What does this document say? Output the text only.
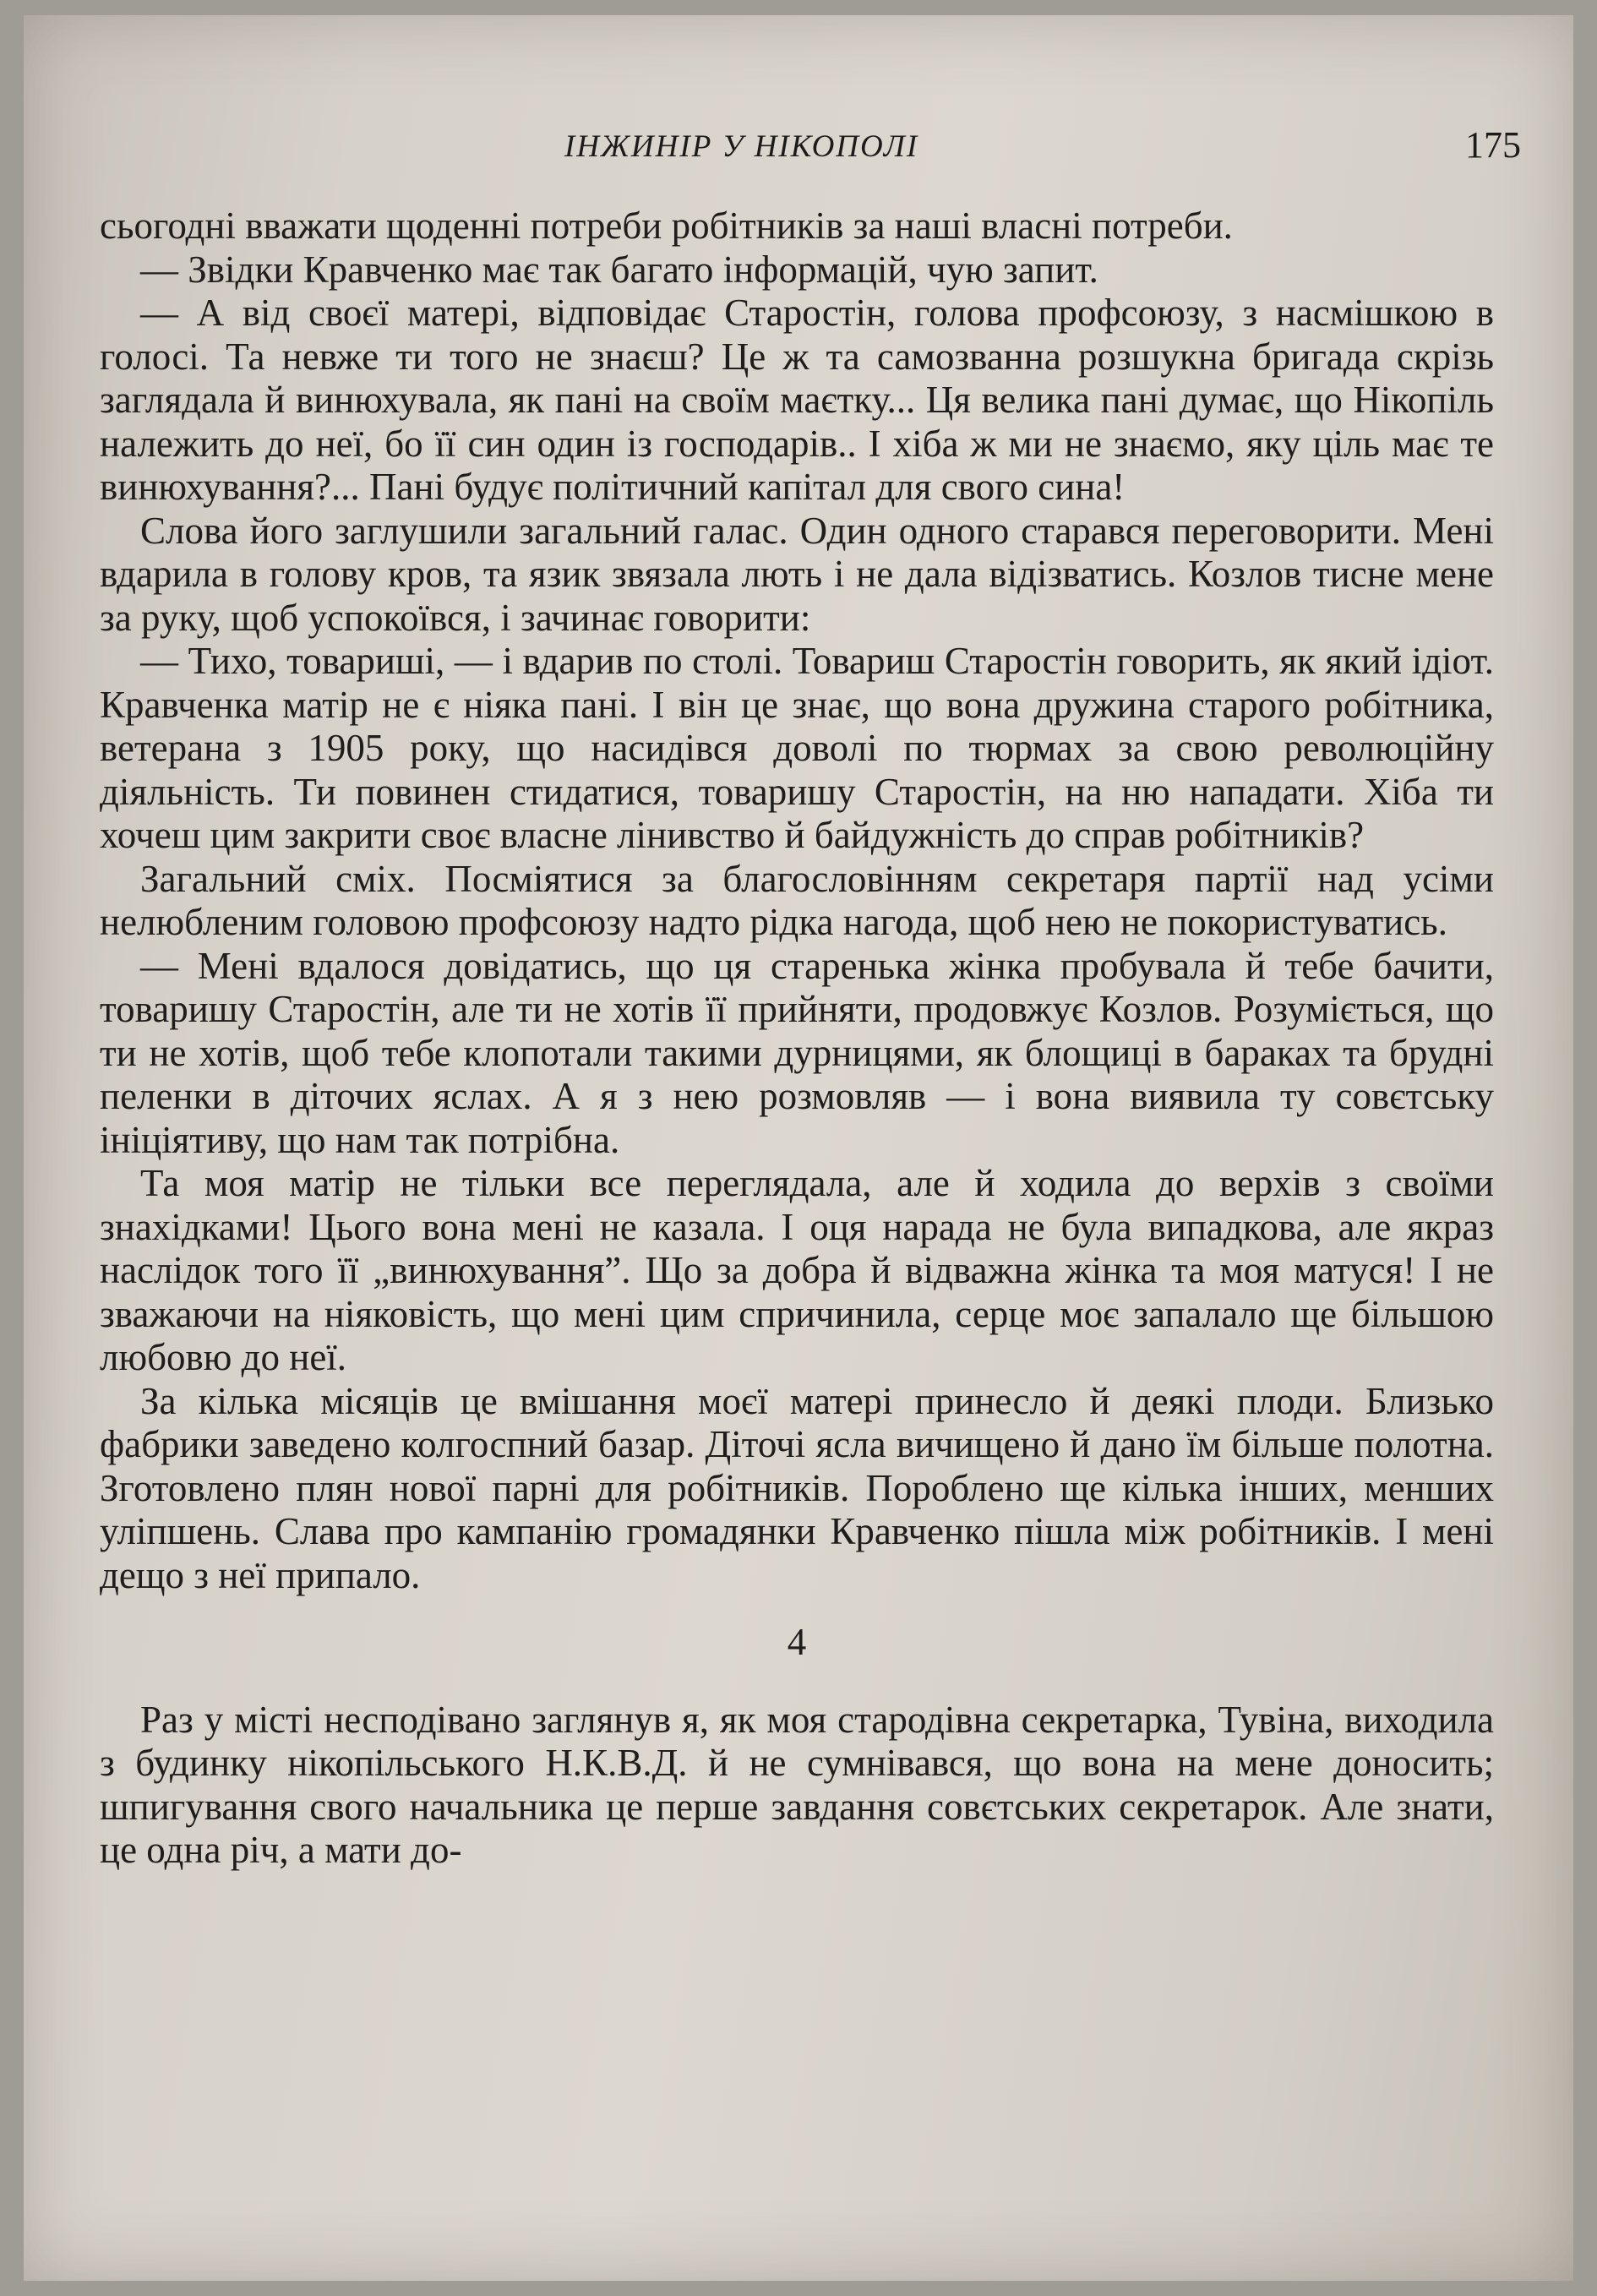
ІНЖИНІР У НІКОПОЛІ	175

сьогодні вважати щоденні потреби робітників за наші власні потреби.

— Звідки Кравченко має так багато інформацій, чую запит.

— А від своєї матері, відповідає Старостін, голова профсоюзу, з насмішкою в голосі. Та невже ти того не знаєш? Це ж та самозванна розшукна бригада скрізь заглядала й винюхувала, як пані на своїм маєтку... Ця велика пані думає, що Нікопіль належить до неї, бо її син один із господарів.. І хіба ж ми не знаємо, яку ціль має те винюхування?... Пані будує політичний капітал для свого сина!

Слова його заглушили загальний галас. Один одного старався переговорити. Мені вдарила в голову кров, та язик звязала лють і не дала відізватись. Козлов тисне мене за руку, щоб успокоївся, і зачинає говорити:

— Тихо, товариші, — і вдарив по столі. Товариш Старостін говорить, як який ідіот. Кравченка матір не є ніяка пані. І він це знає, що вона дружина старого робітника, ветерана з 1905 року, що насидівся доволі по тюрмах за свою революційну діяльність. Ти повинен стидатися, товаришу Старостін, на ню нападати. Хіба ти хочеш цим закрити своє власне лінивство й байдужність до справ робітників?

Загальний сміх. Посміятися за благословінням секретаря партії над усіми нелюбленим головою профсоюзу надто рідка нагода, щоб нею не покористуватись.

— Мені вдалося довідатись, що ця старенька жінка пробувала й тебе бачити, товаришу Старостін, але ти не хотів її прийняти, продовжує Козлов. Розуміється, що ти не хотів, щоб тебе клопотали такими дурницями, як блощиці в бараках та брудні пеленки в діточих яслах. А я з нею розмовляв — і вона виявила ту совєтську ініціятиву, що нам так потрібна.

Та моя матір не тільки все переглядала, але й ходила до верхів з своїми знахідками! Цього вона мені не казала. І оця нарада не була випадкова, але якраз наслідок того її „винюхування”. Що за добра й відважна жінка та моя матуся! І не зважаючи на ніяковість, що мені цим спричинила, серце моє запалало ще більшою любовю до неї.

За кілька місяців це вмішання моєї матері принесло й деякі плоди. Близько фабрики заведено колгоспний базар. Діточі ясла вичищено й дано їм більше полотна. Зготовлено плян нової парні для робітників. Пороблено ще кілька інших, менших уліпшень. Слава про кампанію громадянки Кравченко пішла між робітників. І мені дещо з неї припало.

4

Раз у місті несподівано заглянув я, як моя стародівна секретарка, Тувіна, виходила з будинку нікопільського Н.К.В.Д. й не сумнівався, що вона на мене доносить; шпигування свого начальника це перше завдання совєтських секретарок. Але знати, це одна річ, а мати до-
